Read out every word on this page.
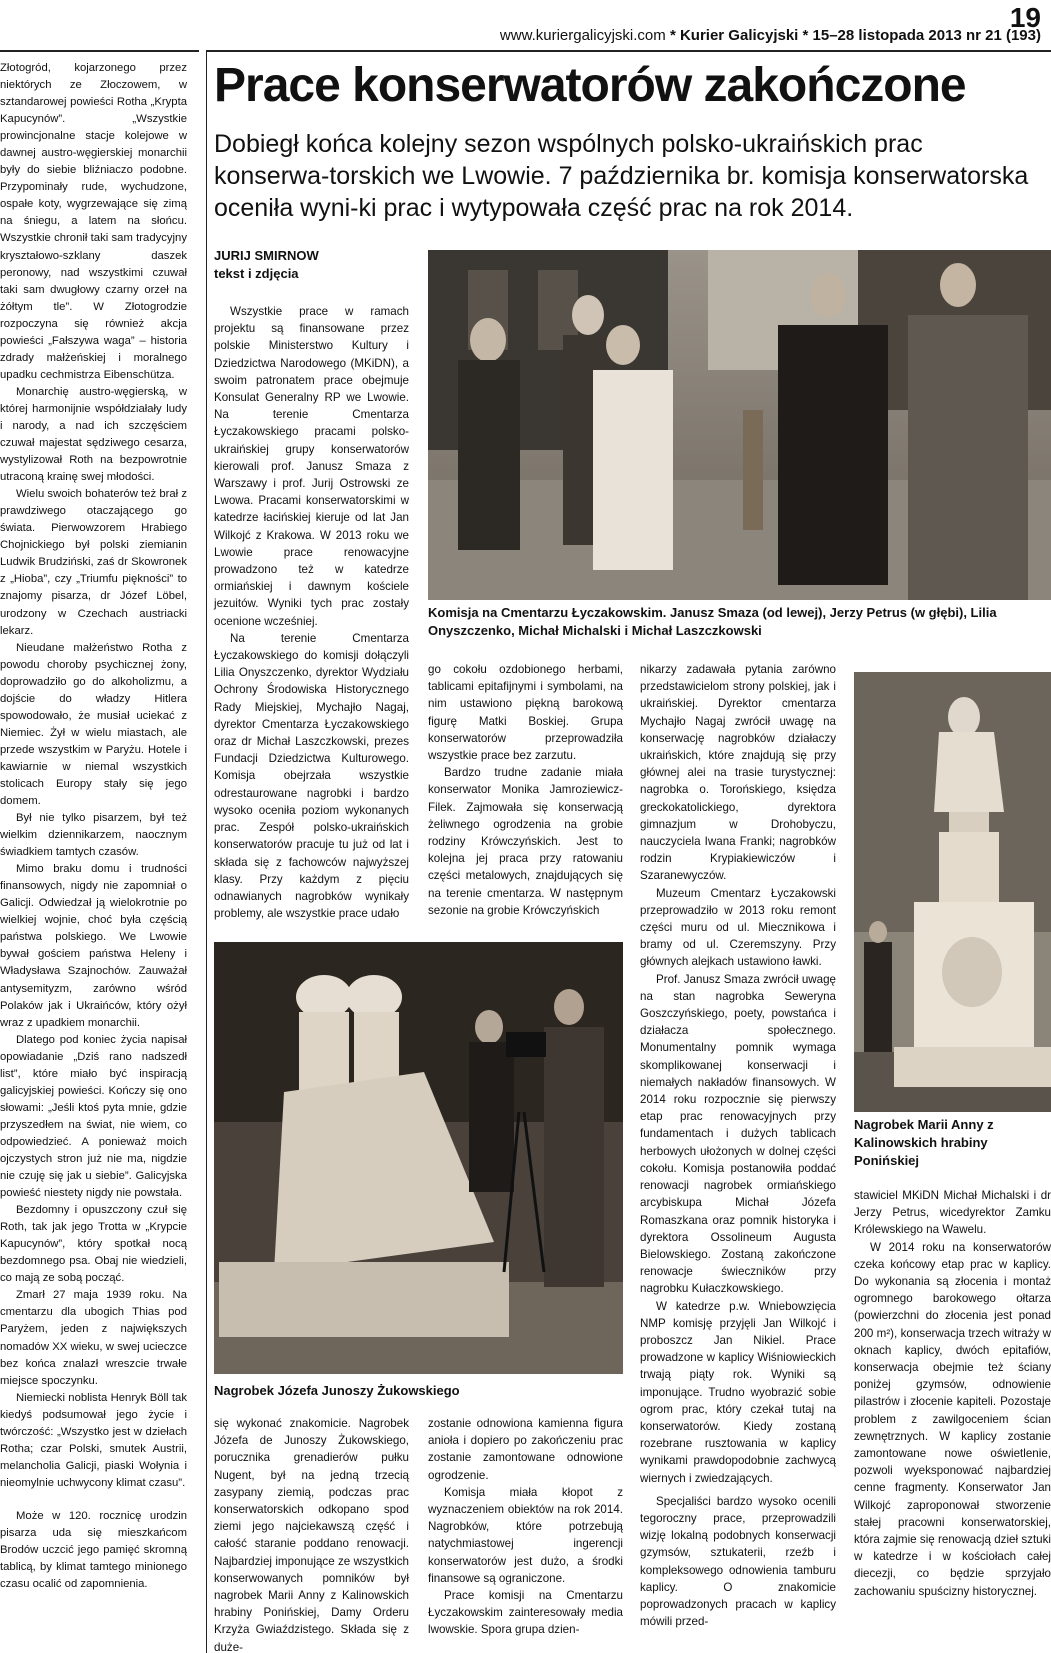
19
www.kuriergalicyjski.com * Kurier Galicyjski * 15–28 listopada 2013 nr 21 (193)

Złotogród, kojarzonego przez niektórych ze Złoczowem, w sztandarowej powieści Rotha „Krypta Kapucynów”. „Wszystkie prowincjonalne stacje kolejowe w dawnej austro-węgierskiej monarchii były do siebie bliźniaczo podobne. Przypominały rude, wychudzone, ospałe koty, wygrzewające się zimą na śniegu, a latem na słońcu. Wszystkie chronił taki sam tradycyjny kryształowo-szklany daszek peronowy, nad wszystkimi czuwał taki sam dwugłowy czarny orzeł na żółtym tle”. W Złotogrodzie rozpoczyna się również akcja powieści „Fałszywa waga” – historia zdrady małżeńskiej i moralnego upadku cechmistrza Eibenschütza.

Monarchię austro-węgierską, w której harmonijnie współdziałały ludy i narody, a nad ich szczęściem czuwał majestat sędziwego cesarza, wystylizował Roth na bezpowrotnie utraconą krainę swej młodości.

Wielu swoich bohaterów też brał z prawdziwego otaczającego go świata. Pierwowzorem Hrabiego Chojnickiego był polski ziemianin Ludwik Brudziński, zaś dr Skowronek z „Hioba”, czy „Triumfu piękności” to znajomy pisarza, dr Józef Löbel, urodzony w Czechach austriacki lekarz.

Nieudane małżeństwo Rotha z powodu choroby psychicznej żony, doprowadziło go do alkoholizmu, a dojście do władzy Hitlera spowodowało, że musiał uciekać z Niemiec. Żył w wielu miastach, ale przede wszystkim w Paryżu. Hotele i kawiarnie w niemal wszystkich stolicach Europy stały się jego domem.

Był nie tylko pisarzem, był też wielkim dziennikarzem, naocznym świadkiem tamtych czasów.

Mimo braku domu i trudności finansowych, nigdy nie zapomniał o Galicji. Odwiedzał ją wielokrotnie po wielkiej wojnie, choć była częścią państwa polskiego. We Lwowie bywał gościem państwa Heleny i Władysława Szajnochów. Zauważał antysemityzm, zarówno wśród Polaków jak i Ukraińców, który ożył wraz z upadkiem monarchii.

Dlatego pod koniec życia napisał opowiadanie „Dziś rano nadszedł list”, które miało być inspiracją galicyjskiej powieści. Kończy się ono słowami: „Jeśli ktoś pyta mnie, gdzie przyszedłem na świat, nie wiem, co odpowiedzieć. A ponieważ moich ojczystych stron już nie ma, nigdzie nie czuję się jak u siebie”. Galicyjska powieść niestety nigdy nie powstała.

Bezdomny i opuszczony czuł się Roth, tak jak jego Trotta w „Krypcie Kapucynów”, który spotkał nocą bezdomnego psa. Obaj nie wiedzieli, co mają ze sobą począć.

Zmarł 27 maja 1939 roku. Na cmentarzu dla ubogich Thias pod Paryżem, jeden z największych nomadów XX wieku, w swej ucieczce bez końca znalazł wreszcie trwałe miejsce spoczynku.

Niemiecki noblista Henryk Böll tak kiedyś podsumował jego życie i twórczość: „Wszystko jest w dziełach Rotha; czar Polski, smutek Austrii, melancholia Galicji, piaski Wołynia i nieomylnie uchwycony klimat czasu”.

Może w 120. rocznicę urodzin pisarza uda się mieszkańcom Brodów uczcić jego pamięć skromną tablicą, by klimat tamtego minionego czasu ocalić od zapomnienia.

Prace konserwatorów zakończone
Dobiegł końca kolejny sezon wspólnych polsko-ukraińskich prac konserwa-torskich we Lwowie. 7 października br. komisja konserwatorska oceniła wyni-ki prac i wytypowała część prac na rok 2014.
JURIJ SMIRNOW
tekst i zdjęcia

Wszystkie prace w ramach projektu są finansowane przez polskie Ministerstwo Kultury i Dziedzictwa Narodowego (MKiDN), a swoim patronatem prace obejmuje Konsulat Generalny RP we Lwowie. Na terenie Cmentarza Łyczakowskiego pracami polsko-ukraińskiej grupy konserwatorów kierowali prof. Janusz Smaza z Warszawy i prof. Jurij Ostrowski ze Lwowa. Pracami konserwatorskimi w katedrze łacińskiej kieruje od lat Jan Wilkojć z Krakowa. W 2013 roku we Lwowie prace renowacyjne prowadzono też w katedrze ormiańskiej i dawnym kościele jezuitów. Wyniki tych prac zostały ocenione wcześniej.

Na terenie Cmentarza Łyczakowskiego do komisji dołączyli Lilia Onyszczenko, dyrektor Wydziału Ochrony Środowiska Historycznego Rady Miejskiej, Mychajło Nagaj, dyrektor Cmentarza Łyczakowskiego oraz dr Michał Laszczkowski, prezes Fundacji Dziedzictwa Kulturowego. Komisja obejrzała wszystkie odrestaurowane nagrobki i bardzo wysoko oceniła poziom wykonanych prac. Zespół polsko-ukraińskich konserwatorów pracuje tu już od lat i składa się z fachowców najwyższej klasy. Przy każdym z pięciu odnawianych nagrobków wynikały problemy, ale wszystkie prace udało

Komisja na Cmentarzu Łyczakowskim. Janusz Smaza (od lewej), Jerzy Petrus (w głębi), Lilia Onyszczenko, Michał Michalski i Michał Laszczkowski

go cokołu ozdobionego herbami, tablicami epitafijnymi i symbolami, na nim ustawiono piękną barokową figurę Matki Boskiej. Grupa konserwatorów przeprowadziła wszystkie prace bez zarzutu.

Bardzo trudne zadanie miała konserwator Monika Jamroziewicz-Filek. Zajmowała się konserwacją żeliwnego ogrodzenia na grobie rodziny Krówczyńskich. Jest to kolejna jej praca przy ratowaniu części metalowych, znajdujących się na terenie cmentarza. W następnym sezonie na grobie Krówczyńskich

Nagrobek Józefa Junoszy Żukowskiego

się wykonać znakomicie. Nagrobek Józefa de Junoszy Żukowskiego, porucznika grenadierów pułku Nugent, był na jedną trzecią zasypany ziemią, podczas prac konserwatorskich odkopano spod ziemi jego najciekawszą część i całość staranie poddano renowacji. Najbardziej imponujące ze wszystkich konserwowanych pomników był nagrobek Marii Anny z Kalinowskich hrabiny Ponińskiej, Damy Orderu Krzyża Gwiaździstego. Składa się z duże-

zostanie odnowiona kamienna figura anioła i dopiero po zakończeniu prac zostanie zamontowane odnowione ogrodzenie.

Komisja miała kłopot z wyznaczeniem obiektów na rok 2014. Nagrobków, które potrzebują natychmiastowej ingerencji konserwatorów jest dużo, a środki finansowe są ograniczone.

Prace komisji na Cmentarzu Łyczakowskim zainteresowały media lwowskie. Spora grupa dzien-

nikarzy zadawała pytania zarówno przedstawicielom strony polskiej, jak i ukraińskiej. Dyrektor cmentarza Mychajło Nagaj zwrócił uwagę na konserwację nagrobków działaczy ukraińskich, które znajdują się przy głównej alei na trasie turystycznej: nagrobka o. Torońskiego, księdza greckokatolickiego, dyrektora gimnazjum w Drohobyczu, nauczyciela Iwana Franki; nagrobków rodzin Krypiakiewiczów i Szaranewyczów.

Muzeum Cmentarz Łyczakowski przeprowadziło w 2013 roku remont części muru od ul. Miecznikowa i bramy od ul. Czeremszyny. Przy głównych alejkach ustawiono ławki.

Prof. Janusz Smaza zwrócił uwagę na stan nagrobka Seweryna Goszczyńskiego, poety, powstańca i działacza społecznego. Monumentalny pomnik wymaga skomplikowanej konserwacji i niemałych nakładów finansowych. W 2014 roku rozpocznie się pierwszy etap prac renowacyjnych przy fundamentach i dużych tablicach herbowych ułożonych w dolnej części cokołu. Komisja postanowiła poddać renowacji nagrobek ormiańskiego arcybiskupa Michał Józefa Romaszkana oraz pomnik historyka i dyrektora Ossolineum Augusta Bielowskiego. Zostaną zakończone renowacje świeczników przy nagrobku Kułaczkowskiego.

W katedrze p.w. Wniebowzięcia NMP komisję przyjęli Jan Wilkojć i proboszcz Jan Nikiel. Prace prowadzone w kaplicy Wiśniowieckich trwają piąty rok. Wyniki są imponujące. Trudno wyobrazić sobie ogrom prac, który czekał tutaj na konserwatorów. Kiedy zostaną rozebrane rusztowania w kaplicy wynikami prawdopodobnie zachwycą wiernych i zwiedzających.

Specjaliści bardzo wysoko ocenili tegoroczny prace, przeprowadzili wizję lokalną podobnych konserwacji gzymsów, sztukaterii, rzeźb i kompleksowego odnowienia tamburu kaplicy. O znakomicie poprowadzonych pracach w kaplicy mówili przed-

Nagrobek Marii Anny z Kalinowskich hrabiny Ponińskiej

stawiciel MKiDN Michał Michalski i dr Jerzy Petrus, wicedyrektor Zamku Królewskiego na Wawelu.

W 2014 roku na konserwatorów czeka końcowy etap prac w kaplicy. Do wykonania są złocenia i montaż ogromnego barokowego ołtarza (powierzchni do złocenia jest ponad 200 m²), konserwacja trzech witraży w oknach kaplicy, dwóch epitafiów, konserwacja obejmie też ściany poniżej gzymsów, odnowienie pilastrów i złocenie kapiteli. Pozostaje problem z zawilgoceniem ścian zewnętrznych. W kaplicy zostanie zamontowane nowe oświetlenie, pozwoli wyeksponować najbardziej cenne fragmenty. Konserwator Jan Wilkojć zaproponował stworzenie stałej pracowni konserwatorskiej, która zajmie się renowacją dzieł sztuki w katedrze i w kościołach całej diecezji, co będzie sprzyjało zachowaniu spuścizny historycznej.
